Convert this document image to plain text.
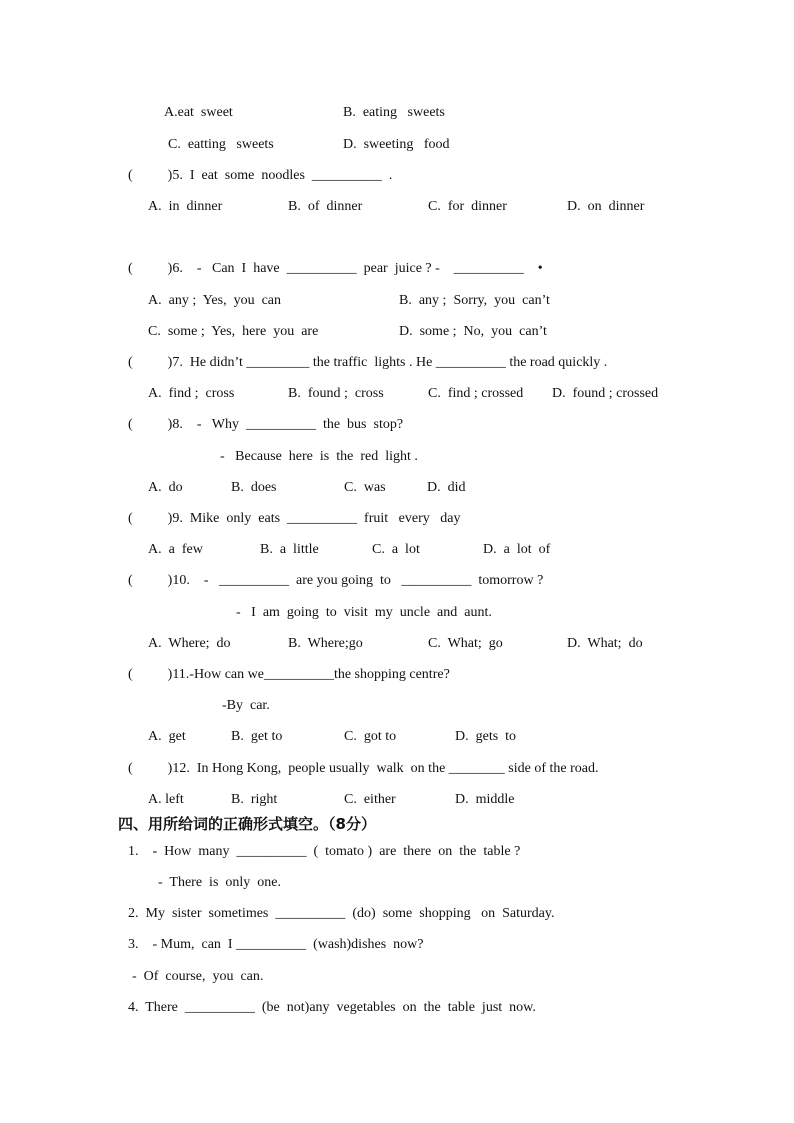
A.eat  sweet	B.  eating   sweets
C.  eatting   sweets	D.  sweeting   food
(          )5.  I  eat  some  noodles  __________  .
A.  in  dinner	B.  of  dinner	C.  for  dinner	D.  on  dinner
(          )6.    -   Can  I  have  __________  pear  juice ? -    __________    •
A.  any ;  Yes,  you  can	B.  any ;  Sorry,  you  can’t
C.  some ;  Yes,  here  you  are	D.  some ;  No,  you  can’t
(          )7.  He didn’t _________ the traffic  lights . He __________ the road quickly .
A.  find ;  cross	B.  found ;  cross	C.  find ; crossed D.  found ; crossed
(          )8.    -   Why  __________  the  bus  stop?
-   Because  here  is  the  red  light .
A.  do	B.  does	C.  was	D.  did
(          )9.  Mike  only  eats  __________  fruit   every   day
A.  a  few	B.  a  little	C.  a  lot	D.  a  lot  of
(          )10.    -   __________  are you going  to   __________  tomorrow ?
-   I  am  going  to  visit  my  uncle  and  aunt.
A.  Where;  do	B.  Where;go	C.  What;  go	D.  What;  do
(          )11.-How can we__________the shopping centre?
-By  car.
A.  get	B.  get to	C.  got to	D.  gets  to
(          )12.  In Hong Kong,  people usually  walk  on the ________ side of the road.
A. left	B.  right	C.  either	D.  middle
四、用所给词的正确形式填空。（8分）
1.    -  How  many  __________  (  tomato )  are  there  on  the  table ?
-  There  is  only  one.
2.  My  sister  sometimes  __________  (do)  some  shopping   on  Saturday.
3.    - Mum,  can  I __________  (wash)dishes  now?
-  Of  course,  you  can.
4.  There  __________  (be  not)any  vegetables  on  the  table  just  now.
